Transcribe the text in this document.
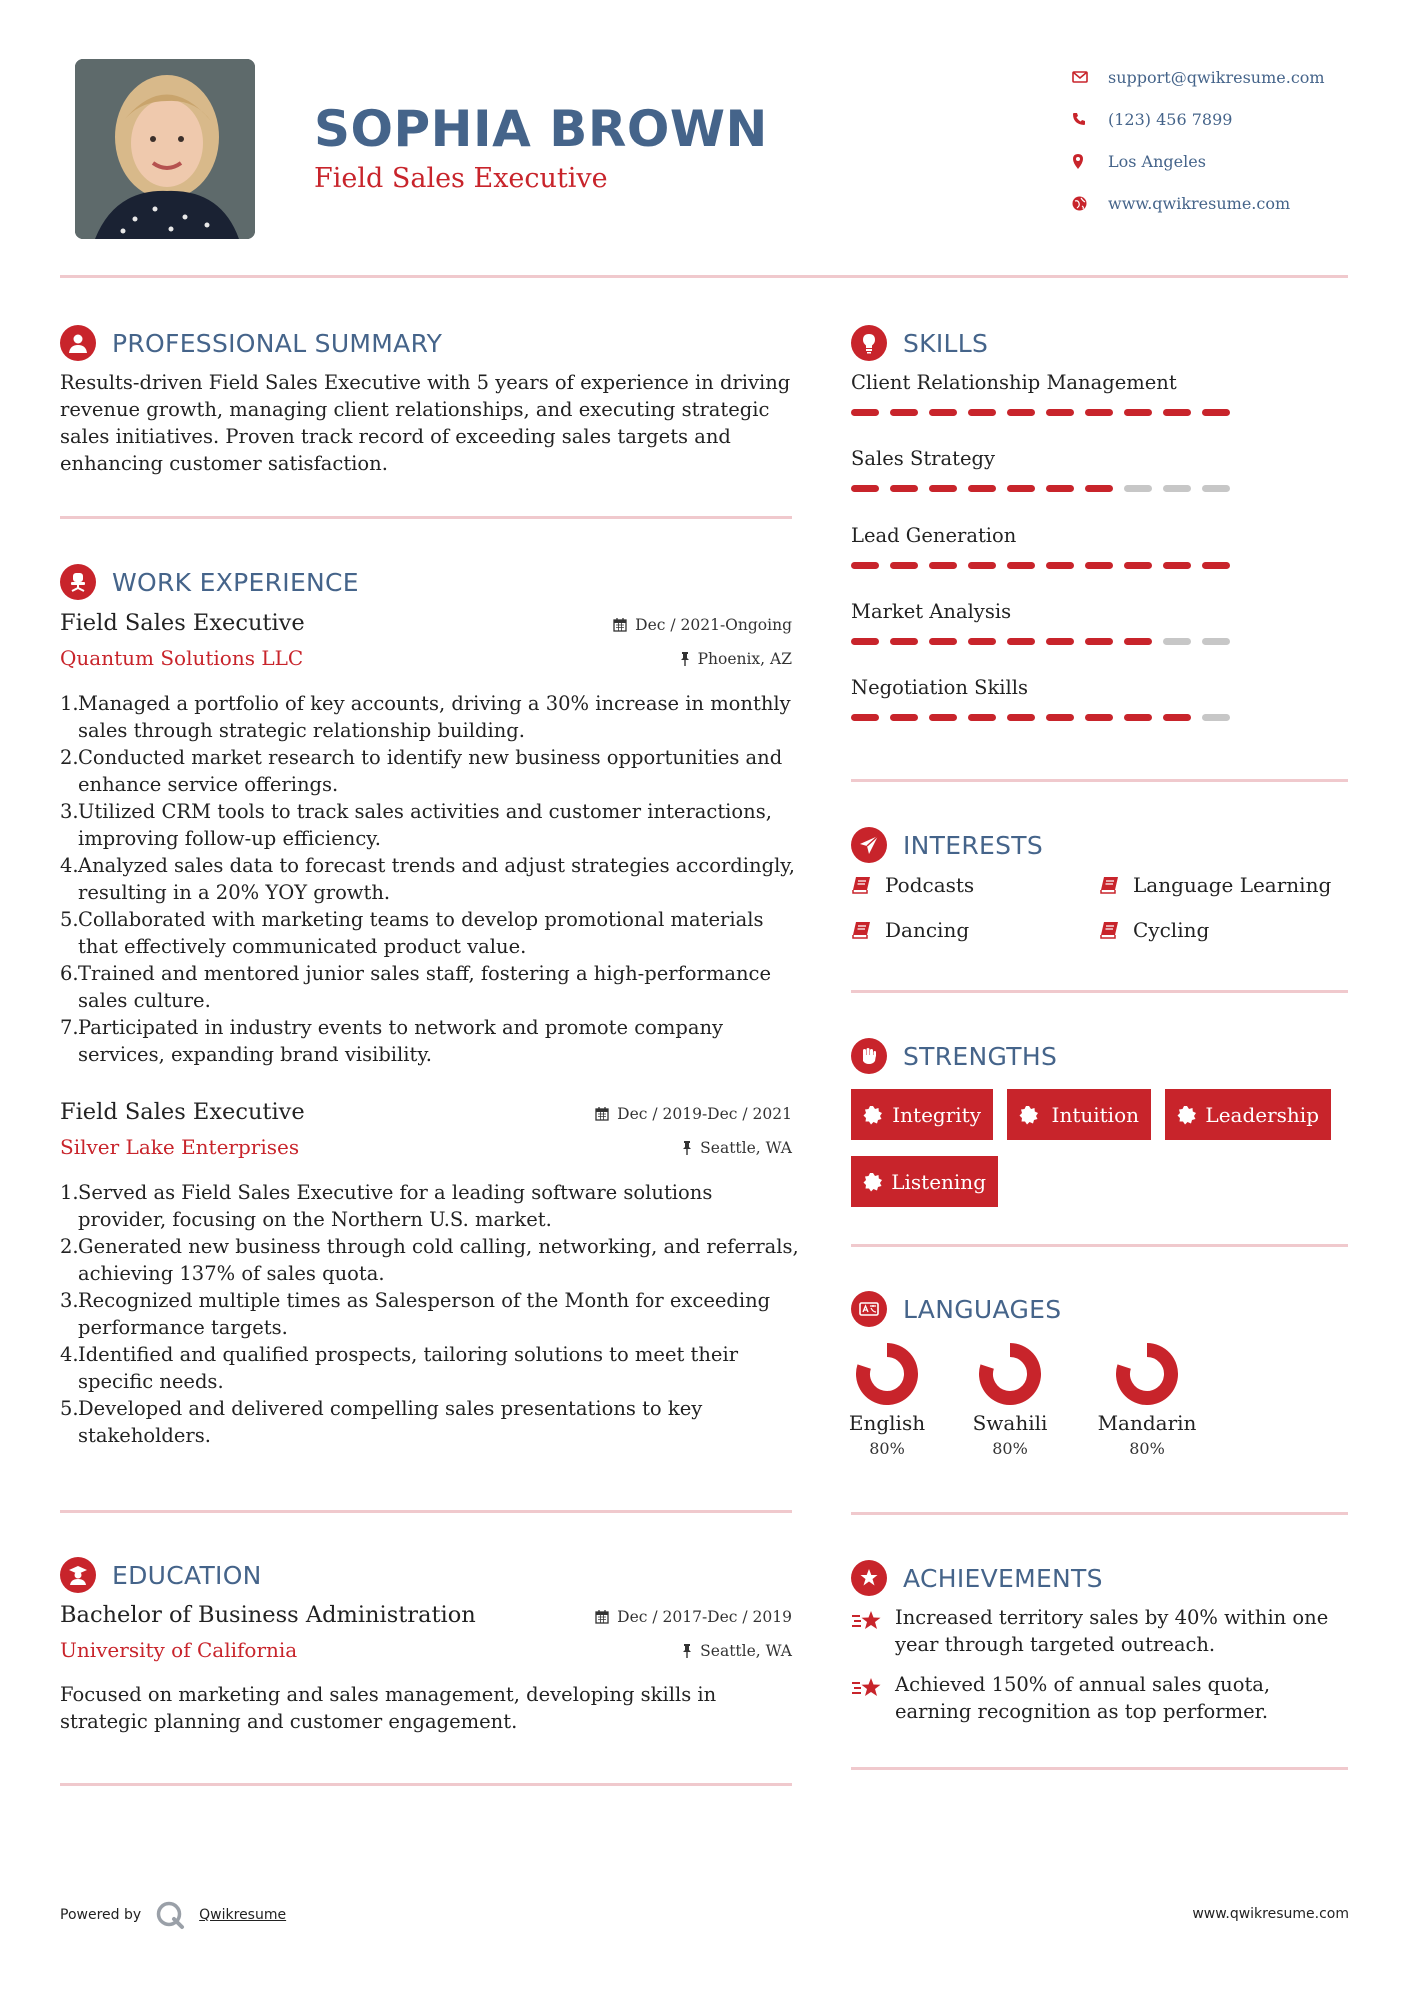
SOPHIA BROWN
Field Sales Executive
support@qwikresume.com
(123) 456 7899
Los Angeles
www.qwikresume.com
PROFESSIONAL SUMMARY
Results-driven Field Sales Executive with 5 years of experience in driving revenue growth, managing client relationships, and executing strategic sales initiatives. Proven track record of exceeding sales targets and enhancing customer satisfaction.
WORK EXPERIENCE
Field Sales Executive	Dec / 2021-Ongoing
Quantum Solutions LLC	Phoenix, AZ
1.Managed a portfolio of key accounts, driving a 30% increase in monthly sales through strategic relationship building.
2.Conducted market research to identify new business opportunities and enhance service offerings.
3.Utilized CRM tools to track sales activities and customer interactions, improving follow-up efficiency.
4.Analyzed sales data to forecast trends and adjust strategies accordingly, resulting in a 20% YOY growth.
5.Collaborated with marketing teams to develop promotional materials that effectively communicated product value.
6.Trained and mentored junior sales staff, fostering a high-performance sales culture.
7.Participated in industry events to network and promote company services, expanding brand visibility.
Field Sales Executive	Dec / 2019-Dec / 2021
Silver Lake Enterprises	Seattle, WA
1.Served as Field Sales Executive for a leading software solutions provider, focusing on the Northern U.S. market.
2.Generated new business through cold calling, networking, and referrals, achieving 137% of sales quota.
3.Recognized multiple times as Salesperson of the Month for exceeding performance targets.
4.Identified and qualified prospects, tailoring solutions to meet their specific needs.
5.Developed and delivered compelling sales presentations to key stakeholders.
EDUCATION
Bachelor of Business Administration	Dec / 2017-Dec / 2019
University of California	Seattle, WA
Focused on marketing and sales management, developing skills in strategic planning and customer engagement.
SKILLS
Client Relationship Management
Sales Strategy
Lead Generation
Market Analysis
Negotiation Skills
INTERESTS
Podcasts	Language Learning
Dancing	Cycling
STRENGTHS
Integrity	Intuition	Leadership
Listening
LANGUAGES
English
80%
Swahili
80%
Mandarin
80%
ACHIEVEMENTS
Increased territory sales by 40% within one year through targeted outreach.
Achieved 150% of annual sales quota, earning recognition as top performer.
Powered by	Qwikresume	www.qwikresume.com
